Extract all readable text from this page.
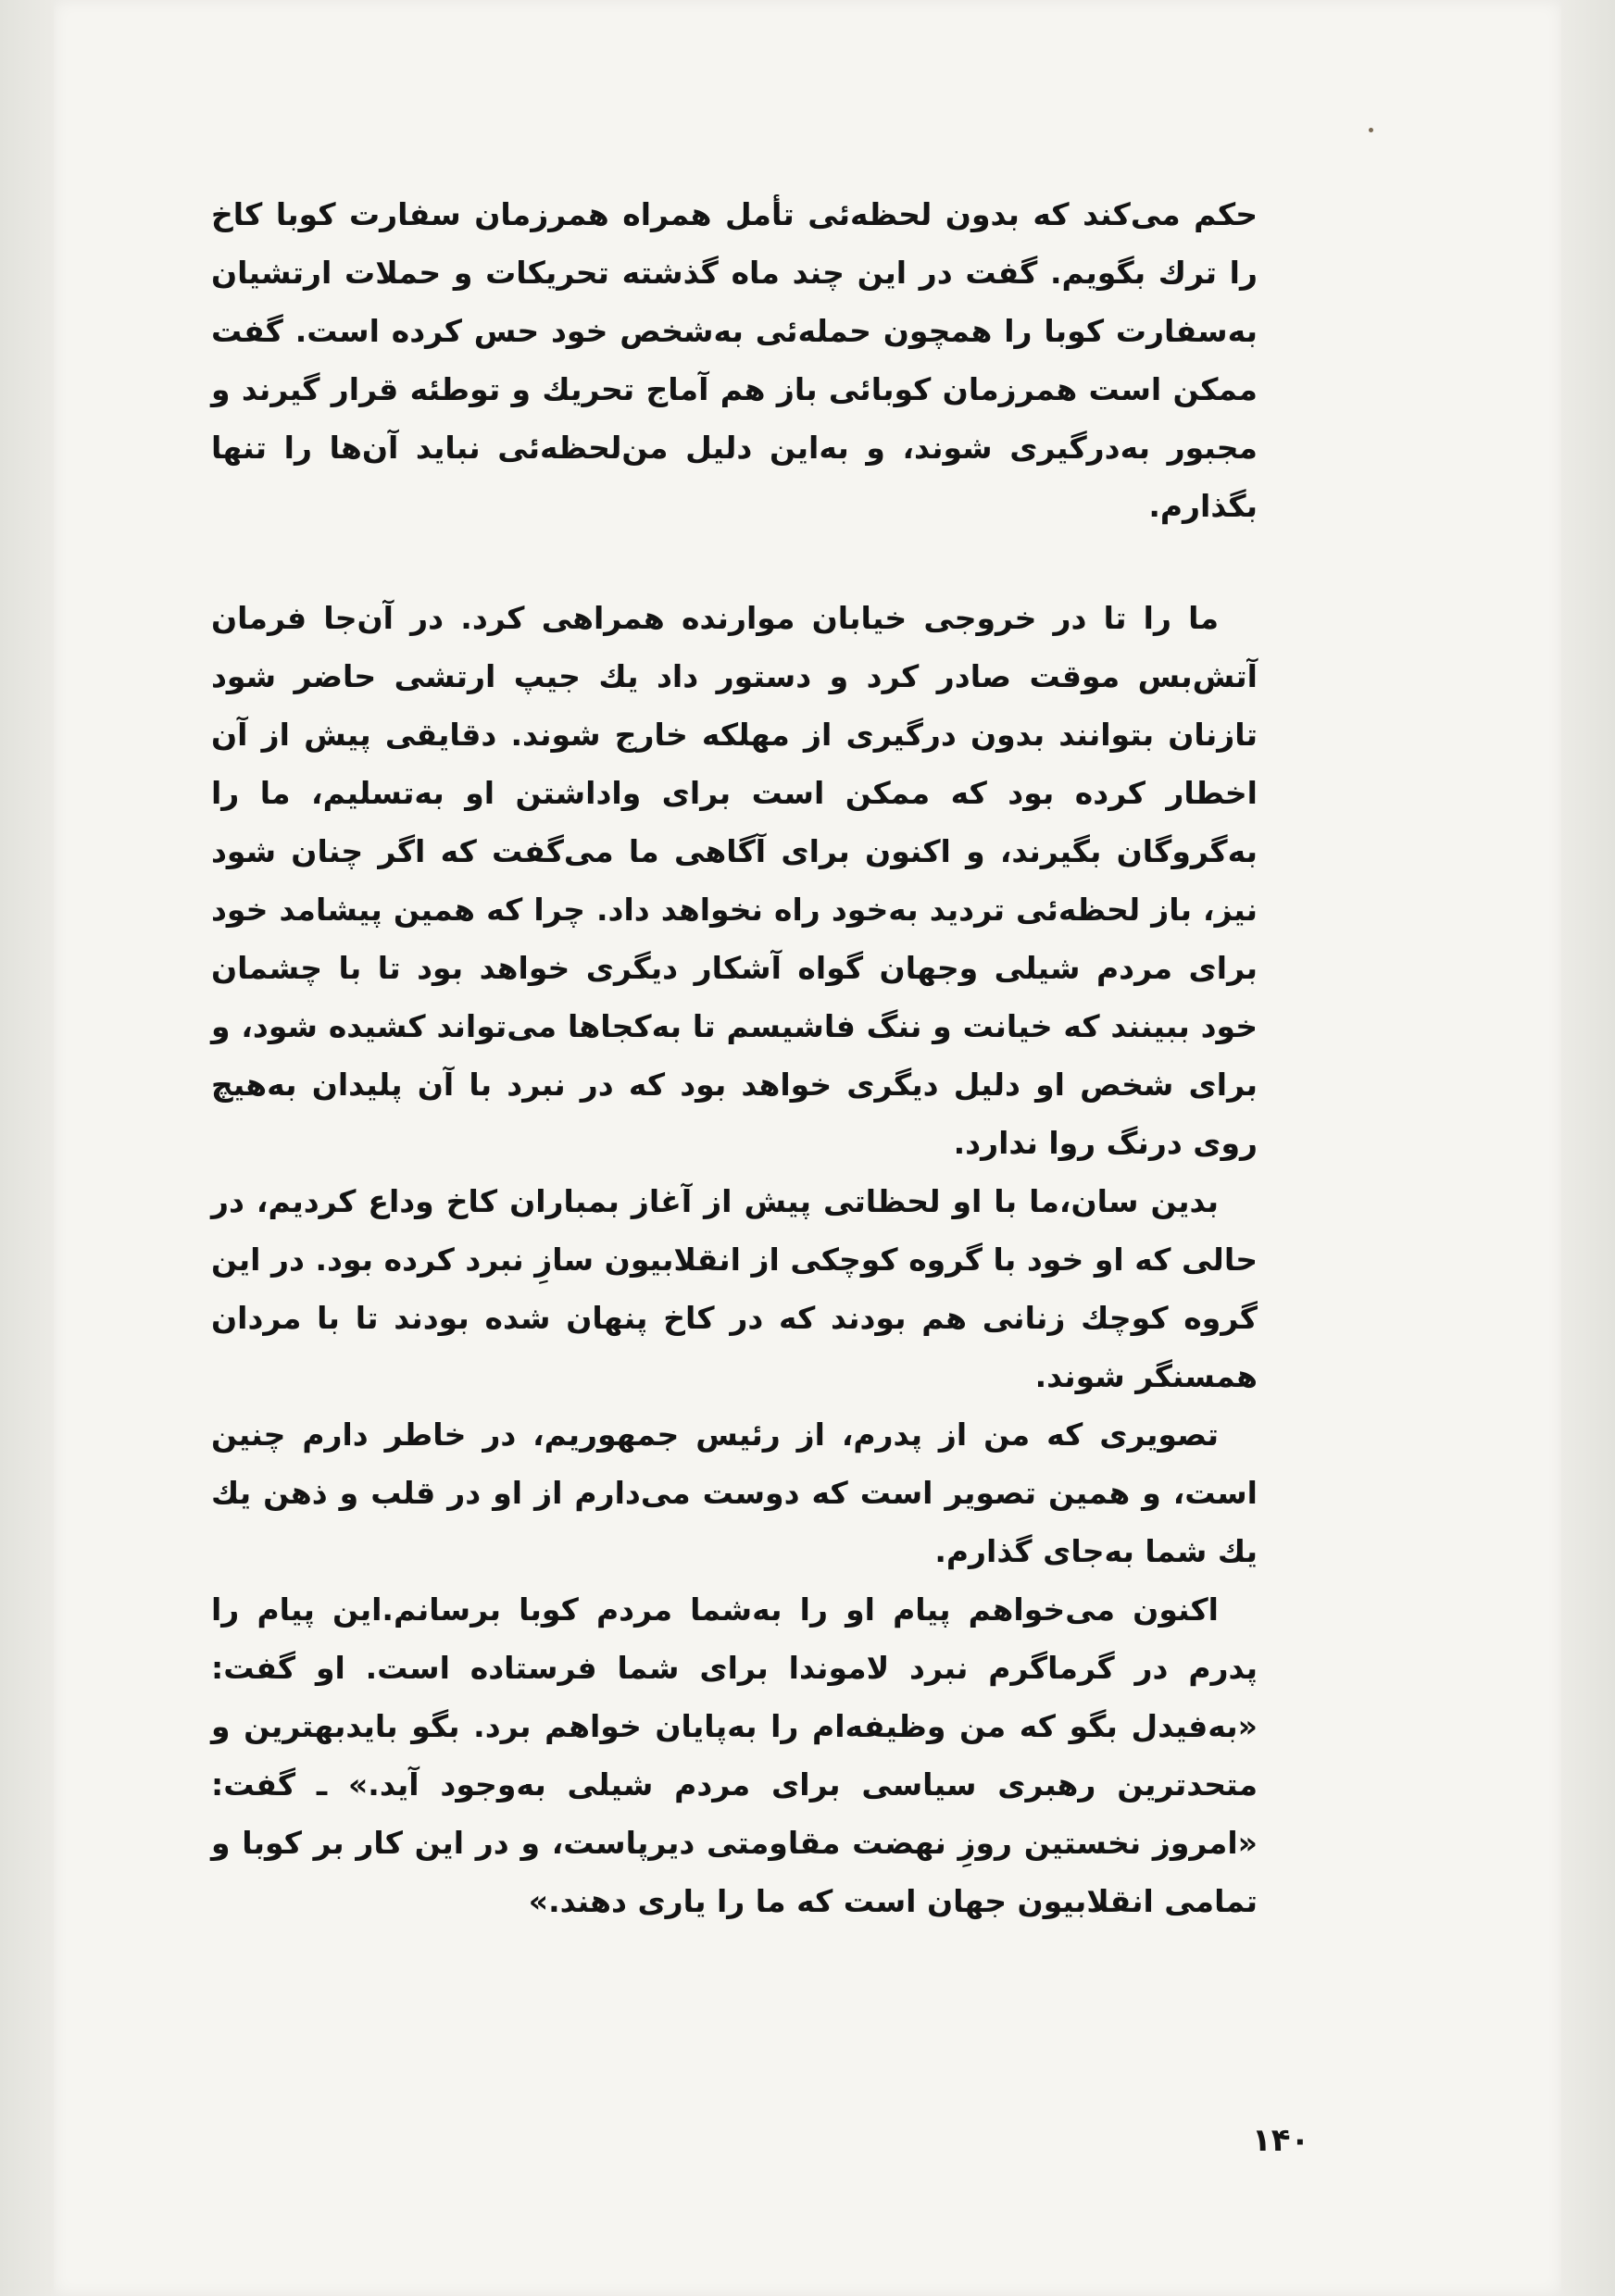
حکم می‌کند که بدون لحظه‌ئی تأمل همراه همرزمان سفارت کوبا کاخ را ترك بگویم. گفت در این چند ماه گذشته تحریکات و حملات ارتشیان به‌سفارت کوبا را همچون حمله‌ئی به‌شخص خود حس کرده است. گفت ممکن است همرزمان کوبائی باز هم آماج تحریك و توطئه قرار گیرند و مجبور به‌درگیری شوند، و به‌این دلیل من‌لحظه‌ئی نباید آن‌ها را تنها بگذارم.

ما را تا در خروجی خیابان موارنده همراهی کرد. در آن‌جا فرمان آتش‌بس موقت صادر کرد و دستور داد یك جیپ ارتشی حاضر شود تازنان بتوانند بدون درگیری از مهلکه خارج شوند. دقایقی پیش از آن اخطار کرده بود که ممکن است برای واداشتن او به‌تسلیم، ما را به‌گروگان بگیرند، و اکنون برای آگاهی ما می‌گفت که اگر چنان شود نیز، باز لحظه‌ئی تردید به‌خود راه نخواهد داد. چرا که همین پیشامد خود برای مردم شیلی وجهان گواه آشکار دیگری خواهد بود تا با چشمان خود ببینند که خیانت و ننگ فاشیسم تا به‌کجاها می‌تواند کشیده شود، و برای شخص او دلیل دیگری خواهد بود که در نبرد با آن پلیدان به‌هیچ روی درنگ روا ندارد.

بدین سان،ما با او لحظاتی پیش از آغاز بمباران کاخ وداع کردیم، در حالی که او خود با گروه کوچکی از انقلابیون سازِ نبرد کرده بود. در این گروه کوچك زنانی هم بودند که در کاخ پنهان شده بودند تا با مردان همسنگر شوند.

تصویری که من از پدرم، از رئیس جمهوریم، در خاطر دارم چنین است، و همین تصویر است که دوست می‌دارم از او در قلب و ذهن یك یك شما به‌جای گذارم.

اکنون می‌خواهم پیام او را به‌شما مردم کوبا برسانم.این پیام را پدرم در گرماگرم نبرد لاموندا برای شما فرستاده است. او گفت: «به‌فیدل بگو که من وظیفه‌ام را به‌پایان خواهم برد. بگو بایدبهترین و متحدترین رهبری سیاسی برای مردم شیلی به‌وجود آید.» ـ گفت: «امروز نخستین روزِ نهضت مقاومتی دیرپاست، و در این کار بر کوبا و تمامی انقلابیون جهان است که ما را یاری دهند.»

۱۴۰
